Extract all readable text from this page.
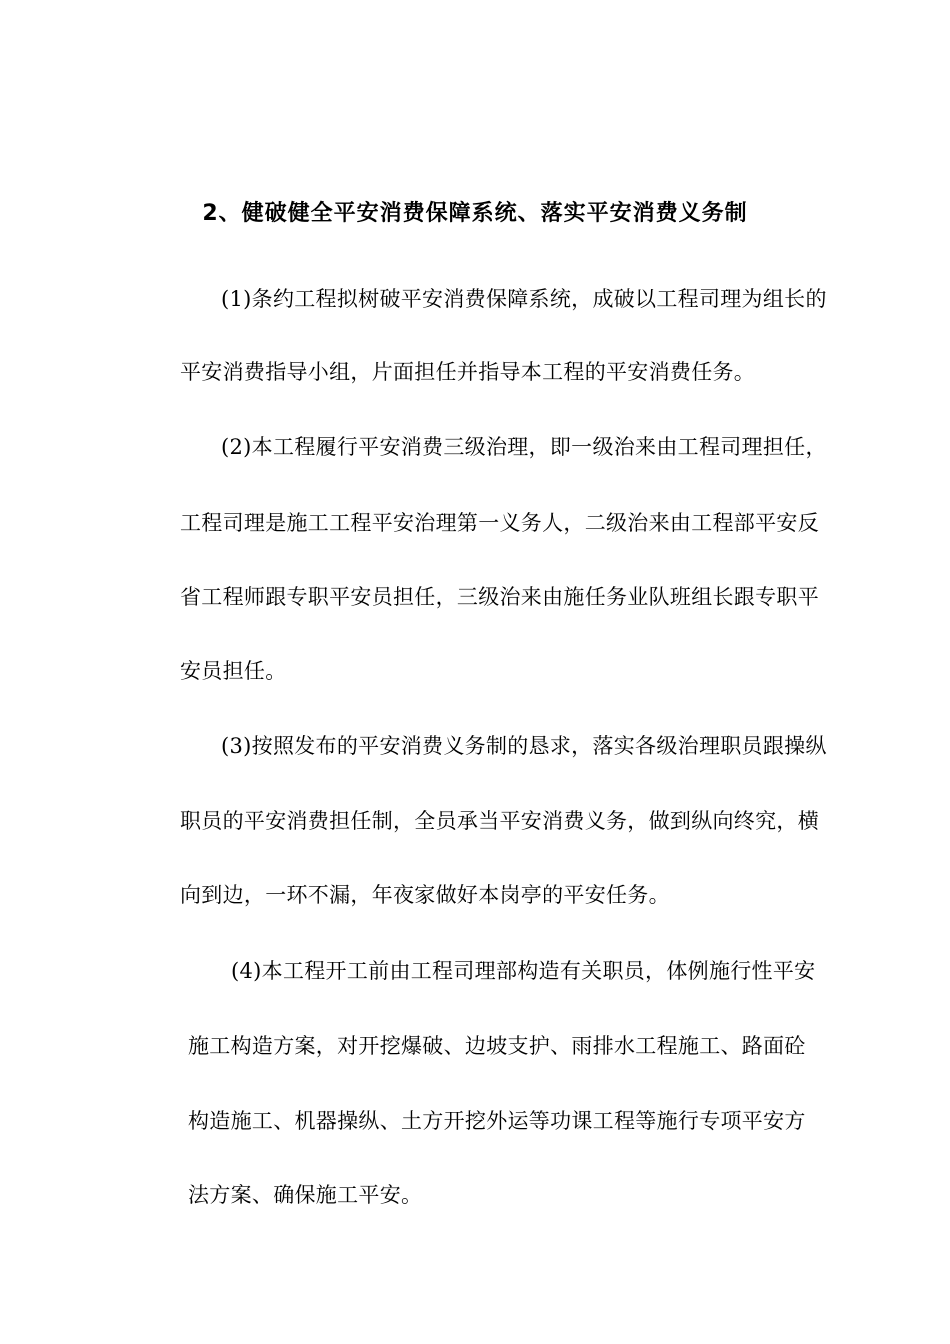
2、健破健全平安消费保障系统、落实平安消费义务制
(1)条约工程拟树破平安消费保障系统，成破以工程司理为组长的
平安消费指导小组，片面担任并指导本工程的平安消费任务。
(2)本工程履行平安消费三级治理，即一级治来由工程司理担任，
工程司理是施工工程平安治理第一义务人，二级治来由工程部平安反
省工程师跟专职平安员担任，三级治来由施任务业队班组长跟专职平
安员担任。
(3)按照发布的平安消费义务制的恳求，落实各级治理职员跟操纵
职员的平安消费担任制，全员承当平安消费义务，做到纵向终究，横
向到边，一环不漏，年夜家做好本岗亭的平安任务。
(4)本工程开工前由工程司理部构造有关职员，体例施行性平安
施工构造方案，对开挖爆破、边坡支护、雨排水工程施工、路面砼
构造施工、机器操纵、土方开挖外运等功课工程等施行专项平安方
法方案、确保施工平安。
